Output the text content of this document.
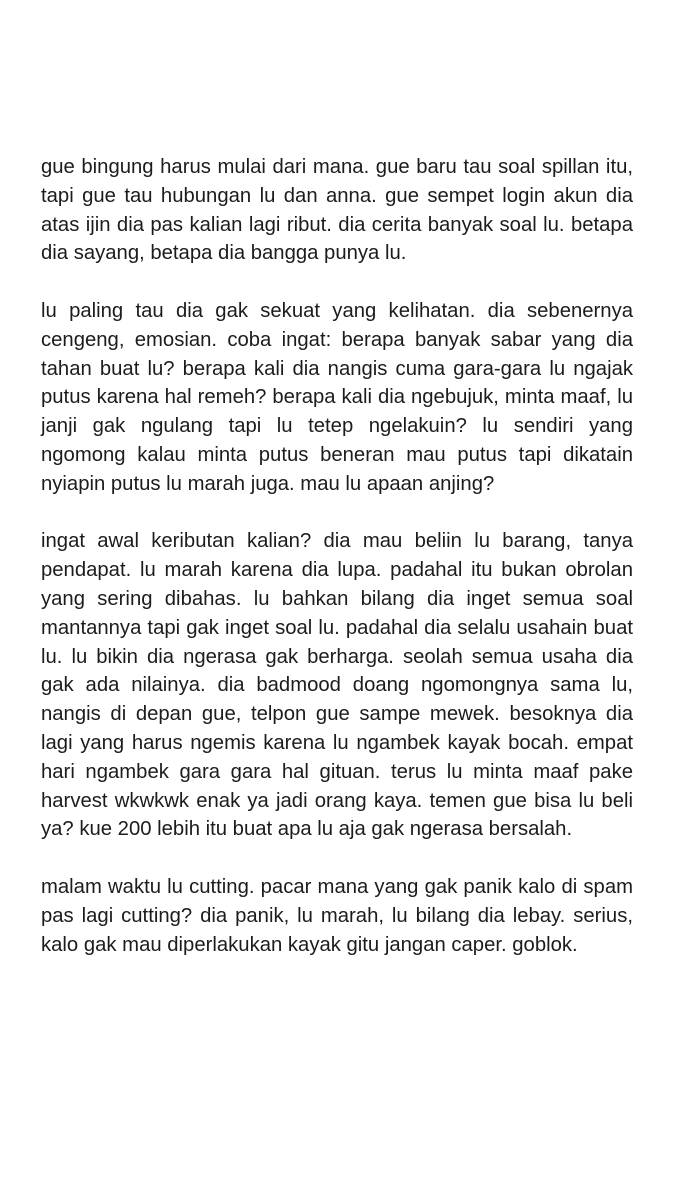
gue bingung harus mulai dari mana. gue baru tau soal spillan itu, tapi gue tau hubungan lu dan anna. gue sempet login akun dia atas ijin dia pas kalian lagi ribut. dia cerita banyak soal lu. betapa dia sayang, betapa dia bangga punya lu.

lu paling tau dia gak sekuat yang kelihatan. dia sebenernya cengeng, emosian. coba ingat: berapa banyak sabar yang dia tahan buat lu? berapa kali dia nangis cuma gara-gara lu ngajak putus karena hal remeh? berapa kali dia ngebujuk, minta maaf, lu janji gak ngulang tapi lu tetep ngelakuin? lu sendiri yang ngomong kalau minta putus beneran mau putus tapi dikatain nyiapin putus lu marah juga. mau lu apaan anjing?

ingat awal keributan kalian? dia mau beliin lu barang, tanya pendapat. lu marah karena dia lupa. padahal itu bukan obrolan yang sering dibahas. lu bahkan bilang dia inget semua soal mantannya tapi gak inget soal lu. padahal dia selalu usahain buat lu. lu bikin dia ngerasa gak berharga. seolah semua usaha dia gak ada nilainya. dia badmood doang ngomongnya sama lu, nangis di depan gue, telpon gue sampe mewek. besoknya dia lagi yang harus ngemis karena lu ngambek kayak bocah. empat hari ngambek gara gara hal gituan. terus lu minta maaf pake harvest wkwkwk enak ya jadi orang kaya. temen gue bisa lu beli ya? kue 200 lebih itu buat apa lu aja gak ngerasa bersalah.

malam waktu lu cutting. pacar mana yang gak panik kalo di spam pas lagi cutting? dia panik, lu marah, lu bilang dia lebay. serius, kalo gak mau diperlakukan kayak gitu jangan caper. goblok.
